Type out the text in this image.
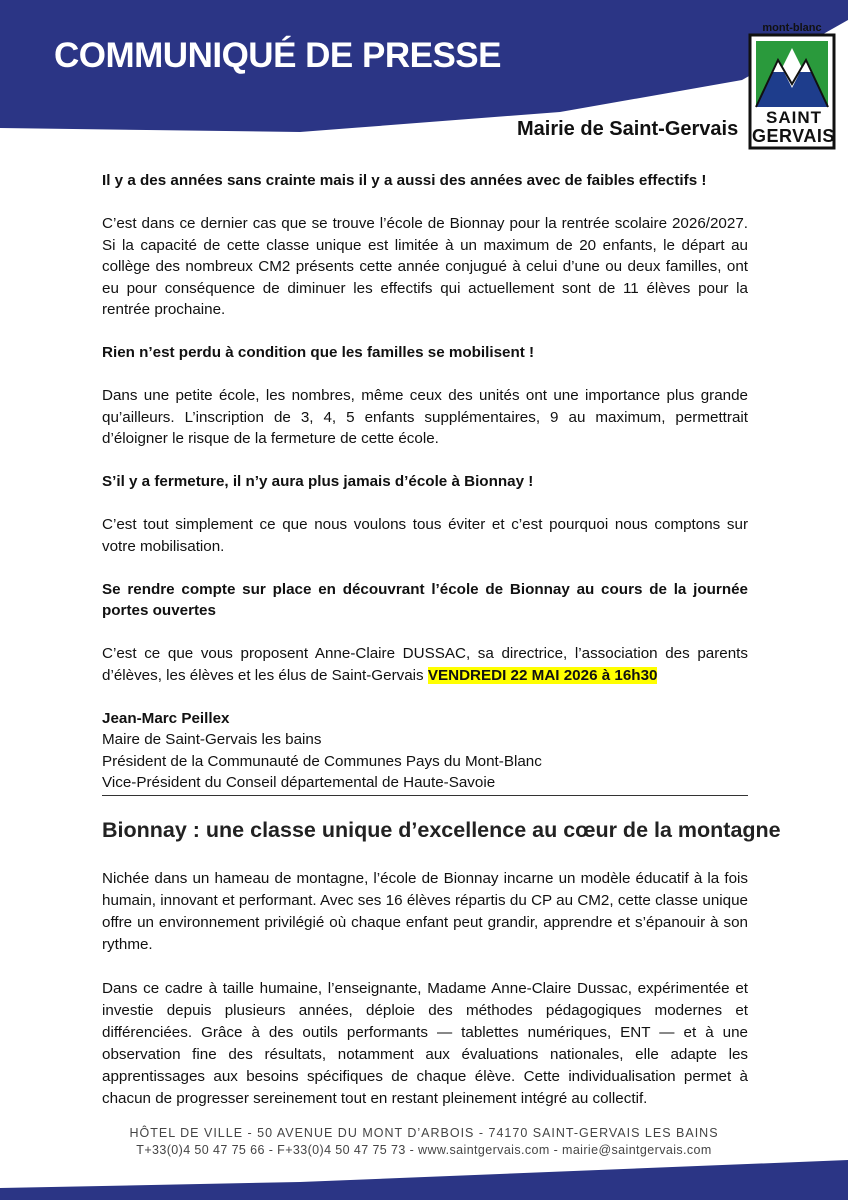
COMMUNIQUÉ DE PRESSE
Mairie de Saint-Gervais
mont-blanc
SAINT
GERVAIS

Il y a des années sans crainte mais il y a aussi des années avec de faibles effectifs !

C’est dans ce dernier cas que se trouve l’école de Bionnay pour la rentrée scolaire 2026/2027. Si la capacité de cette classe unique est limitée à un maximum de 20 enfants, le départ au collège des nombreux CM2 présents cette année conjugué à celui d’une ou deux familles, ont eu pour conséquence de diminuer les effectifs qui actuellement sont de 11 élèves pour la rentrée prochaine.

Rien n’est perdu à condition que les familles se mobilisent !

Dans une petite école, les nombres, même ceux des unités ont une importance plus grande qu’ailleurs. L’inscription de 3, 4, 5 enfants supplémentaires, 9 au maximum, permettrait d’éloigner le risque de la fermeture de cette école.

S’il y a fermeture, il n’y aura plus jamais d’école à Bionnay !

C’est tout simplement ce que nous voulons tous éviter et c’est pourquoi nous comptons sur votre mobilisation.

Se rendre compte sur place en découvrant l’école de Bionnay au cours de la journée portes ouvertes

C’est ce que vous proposent Anne-Claire DUSSAC, sa directrice, l’association des parents d’élèves, les élèves et les élus de Saint-Gervais VENDREDI 22 MAI 2026 à 16h30

Jean-Marc Peillex

Maire de Saint-Gervais les bains

Président de la Communauté de Communes Pays du Mont-Blanc

Vice-Président du Conseil départemental de Haute-Savoie

Bionnay : une classe unique d’excellence au cœur de la montagne

Nichée dans un hameau de montagne, l’école de Bionnay incarne un modèle éducatif à la fois humain, innovant et performant. Avec ses 16 élèves répartis du CP au CM2, cette classe unique offre un environnement privilégié où chaque enfant peut grandir, apprendre et s’épanouir à son rythme.

Dans ce cadre à taille humaine, l’enseignante, Madame Anne-Claire Dussac, expérimentée et investie depuis plusieurs années, déploie des méthodes pédagogiques modernes et différenciées. Grâce à des outils performants — tablettes numériques, ENT — et à une observation fine des résultats, notamment aux évaluations nationales, elle adapte les apprentissages aux besoins spécifiques de chaque élève. Cette individualisation permet à chacun de progresser sereinement tout en restant pleinement intégré au collectif.

HÔTEL DE VILLE - 50 AVENUE DU MONT D’ARBOIS - 74170 SAINT-GERVAIS LES BAINS
T+33(0)4 50 47 75 66 - F+33(0)4 50 47 75 73 - www.saintgervais.com - mairie@saintgervais.com
